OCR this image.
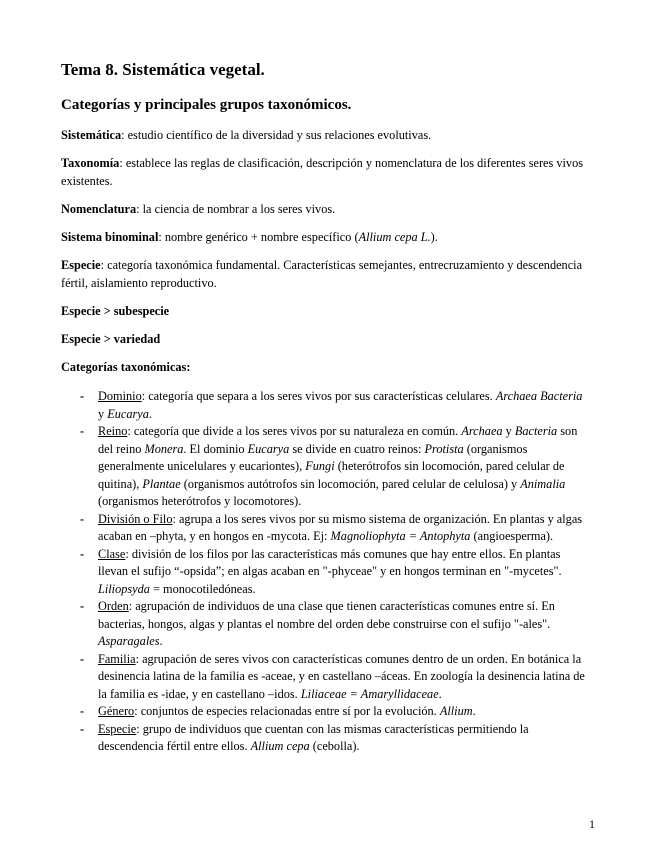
Tema 8. Sistemática vegetal.
Categorías y principales grupos taxonómicos.

Sistemática: estudio científico de la diversidad y sus relaciones evolutivas.

Taxonomía: establece las reglas de clasificación, descripción y nomenclatura de los diferentes seres vivos existentes.

Nomenclatura: la ciencia de nombrar a los seres vivos.

Sistema binominal: nombre genérico + nombre específico (Allium cepa L.).

Especie: categoría taxonómica fundamental. Características semejantes, entrecruzamiento y descendencia fértil, aislamiento reproductivo.

Especie > subespecie

Especie > variedad

Categorías taxonómicas:

- Dominio: categoría que separa a los seres vivos por sus características celulares. Archaea Bacteria y Eucarya.
- Reino: categoría que divide a los seres vivos por su naturaleza en común. Archaea y Bacteria son del reino Monera. El dominio Eucarya se divide en cuatro reinos: Protista (organismos generalmente unicelulares y eucariontes), Fungi (heterótrofos sin locomoción, pared celular de quitina), Plantae (organismos autótrofos sin locomoción, pared celular de celulosa) y Animalia (organismos heterótrofos y locomotores).
- División o Filo: agrupa a los seres vivos por su mismo sistema de organización. En plantas y algas acaban en –phyta, y en hongos en -mycota. Ej: Magnoliophyta = Antophyta (angioesperma).
- Clase: división de los filos por las características más comunes que hay entre ellos. En plantas llevan el sufijo “-opsida”; en algas acaban en "-phyceae" y en hongos terminan en "-mycetes". Liliopsyda = monocotiledóneas.
- Orden: agrupación de individuos de una clase que tienen características comunes entre sí. En bacterias, hongos, algas y plantas el nombre del orden debe construirse con el sufijo "-ales". Asparagales.
- Familia: agrupación de seres vivos con características comunes dentro de un orden. En botánica la desinencia latina de la familia es -aceae, y en castellano –áceas. En zoología la desinencia latina de la familia es -idae, y en castellano –idos. Liliaceae = Amaryllidaceae.
- Género: conjuntos de especies relacionadas entre sí por la evolución. Allium.
- Especie: grupo de individuos que cuentan con las mismas características permitiendo la descendencia fértil entre ellos. Allium cepa (cebolla).
1
